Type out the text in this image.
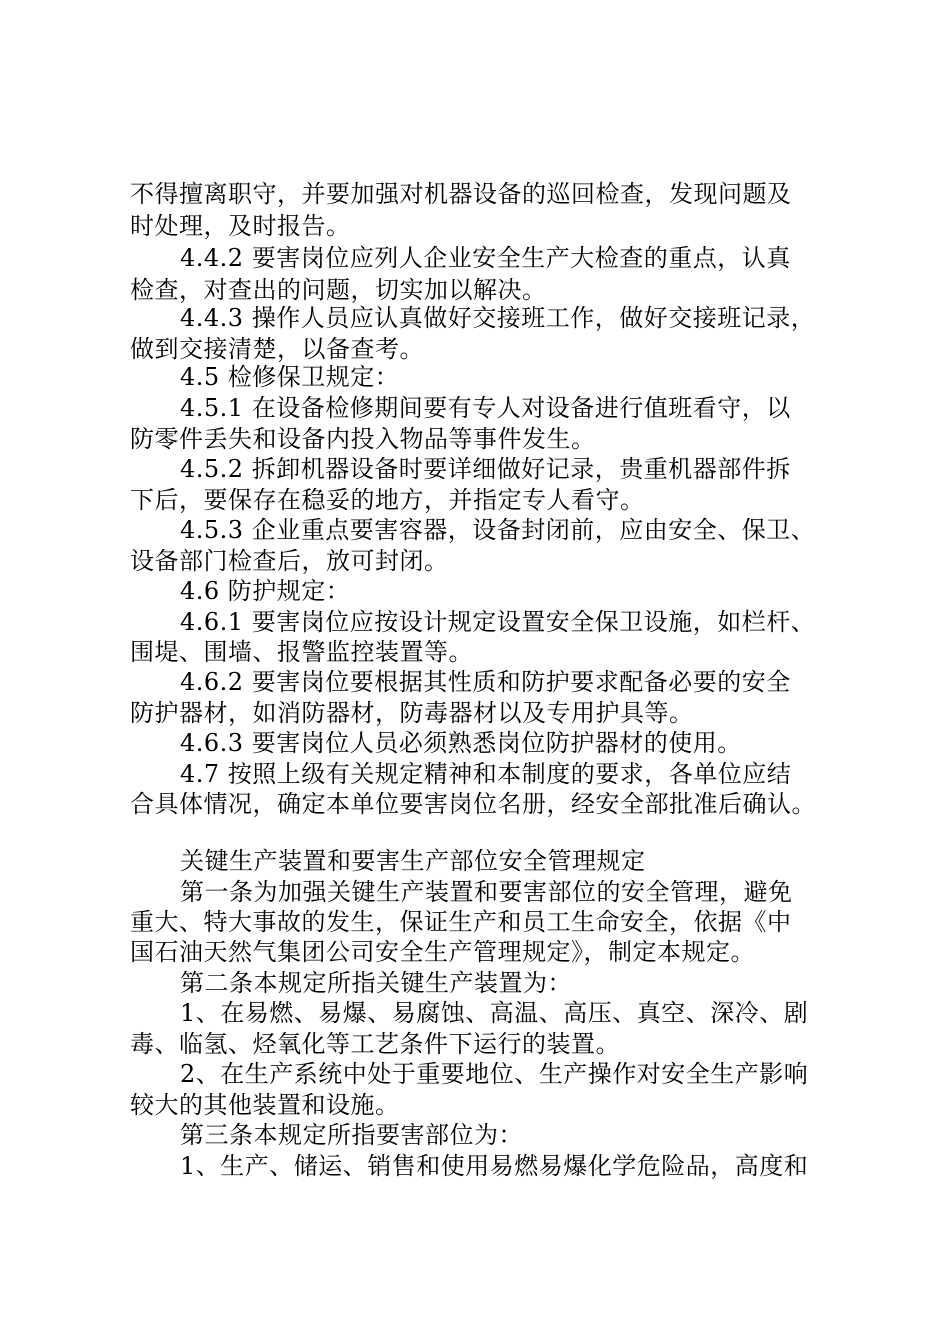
不得擅离职守，并要加强对机器设备的巡回检查，发现问题及
时处理，及时报告。
4.4.2 要害岗位应列人企业安全生产大检查的重点，认真
检查，对查出的问题，切实加以解决。
4.4.3 操作人员应认真做好交接班工作，做好交接班记录，
做到交接清楚，以备查考。
4.5 检修保卫规定：
4.5.1 在设备检修期间要有专人对设备进行值班看守，以
防零件丢失和设备内投入物品等事件发生。
4.5.2 拆卸机器设备时要详细做好记录，贵重机器部件拆
下后，要保存在稳妥的地方，并指定专人看守。
4.5.3 企业重点要害容器，设备封闭前，应由安全、保卫、
设备部门检查后，放可封闭。
4.6 防护规定：
4.6.1 要害岗位应按设计规定设置安全保卫设施，如栏杆、
围堤、围墙、报警监控装置等。
4.6.2 要害岗位要根据其性质和防护要求配备必要的安全
防护器材，如消防器材，防毒器材以及专用护具等。
4.6.3 要害岗位人员必须熟悉岗位防护器材的使用。
4.7 按照上级有关规定精神和本制度的要求，各单位应结
合具体情况，确定本单位要害岗位名册，经安全部批准后确认。
关键生产装置和要害生产部位安全管理规定
第一条为加强关键生产装置和要害部位的安全管理，避免
重大、特大事故的发生，保证生产和员工生命安全，依据《中
国石油天然气集团公司安全生产管理规定》，制定本规定。
第二条本规定所指关键生产装置为：
1、在易燃、易爆、易腐蚀、高温、高压、真空、深冷、剧
毒、临氢、烃氧化等工艺条件下运行的装置。
2、在生产系统中处于重要地位、生产操作对安全生产影响
较大的其他装置和设施。
第三条本规定所指要害部位为：
1、生产、储运、销售和使用易燃易爆化学危险品，高度和
